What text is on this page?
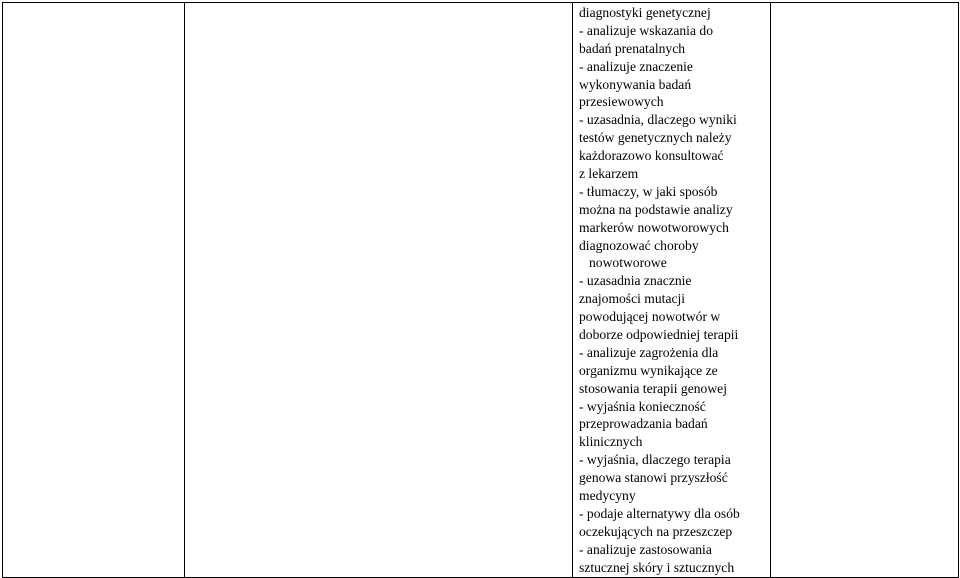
diagnostyki genetycznej
- analizuje wskazania do
badań prenatalnych
- analizuje znaczenie
wykonywania badań
przesiewowych
- uzasadnia, dlaczego wyniki
testów genetycznych należy
każdorazowo konsultować
z lekarzem
- tłumaczy, w jaki sposób
można na podstawie analizy
markerów nowotworowych
diagnozować choroby
nowotworowe
- uzasadnia znacznie
znajomości mutacji
powodującej nowotwór w
doborze odpowiedniej terapii
- analizuje zagrożenia dla
organizmu wynikające ze
stosowania terapii genowej
- wyjaśnia konieczność
przeprowadzania badań
klinicznych
- wyjaśnia, dlaczego terapia
genowa stanowi przyszłość
medycyny
- podaje alternatywy dla osób
oczekujących na przeszczep
- analizuje zastosowania
sztucznej skóry i sztucznych
